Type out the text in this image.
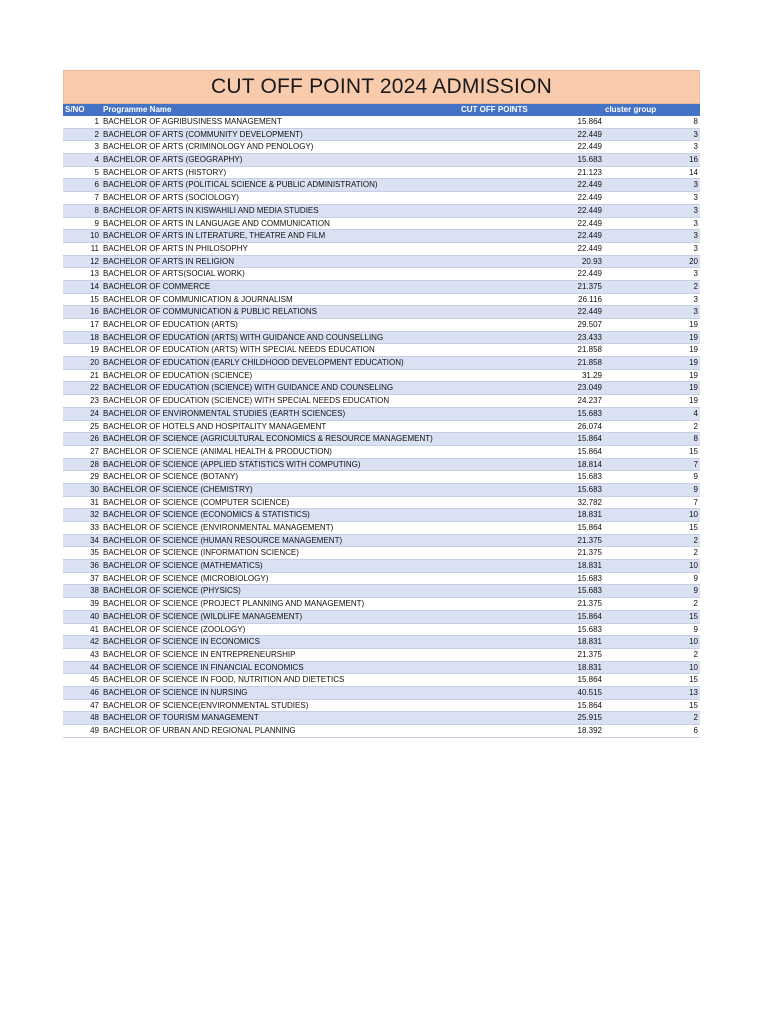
CUT OFF POINT 2024 ADMISSION
S/NO Programme Name	CUT OFF POINTS	cluster group
1 BACHELOR OF AGRIBUSINESS MANAGEMENT	15.864	8
2 BACHELOR OF ARTS (COMMUNITY DEVELOPMENT)	22.449	3
3 BACHELOR OF ARTS (CRIMINOLOGY AND PENOLOGY)	22.449	3
4 BACHELOR OF ARTS (GEOGRAPHY)	15.683	16
5 BACHELOR OF ARTS (HISTORY)	21.123	14
6 BACHELOR OF ARTS (POLITICAL SCIENCE & PUBLIC ADMINISTRATION)	22.449	3
7 BACHELOR OF ARTS (SOCIOLOGY)	22.449	3
8 BACHELOR OF ARTS IN KISWAHILI AND MEDIA STUDIES	22.449	3
9 BACHELOR OF ARTS IN LANGUAGE AND COMMUNICATION	22.449	3
10 BACHELOR OF ARTS IN LITERATURE, THEATRE AND FILM	22.449	3
11 BACHELOR OF ARTS IN PHILOSOPHY	22.449	3
12 BACHELOR OF ARTS IN RELIGION	20.93	20
13 BACHELOR OF ARTS(SOCIAL WORK)	22.449	3
14 BACHELOR OF COMMERCE	21.375	2
15 BACHELOR OF COMMUNICATION & JOURNALISM	26.116	3
16 BACHELOR OF COMMUNICATION & PUBLIC RELATIONS	22.449	3
17 BACHELOR OF EDUCATION (ARTS)	29.507	19
18 BACHELOR OF EDUCATION (ARTS) WITH GUIDANCE AND COUNSELLING	23.433	19
19 BACHELOR OF EDUCATION (ARTS) WITH SPECIAL NEEDS EDUCATION	21.858	19
20 BACHELOR OF EDUCATION (EARLY CHILDHOOD DEVELOPMENT EDUCATION)	21.858	19
21 BACHELOR OF EDUCATION (SCIENCE)	31.29	19
22 BACHELOR OF EDUCATION (SCIENCE) WITH GUIDANCE AND COUNSELING	23.049	19
23 BACHELOR OF EDUCATION (SCIENCE) WITH SPECIAL NEEDS EDUCATION	24.237	19
24 BACHELOR OF ENVIRONMENTAL STUDIES (EARTH SCIENCES)	15.683	4
25 BACHELOR OF HOTELS AND HOSPITALITY MANAGEMENT	26.074	2
26 BACHELOR OF SCIENCE (AGRICULTURAL ECONOMICS & RESOURCE MANAGEMENT)	15.864	8
27 BACHELOR OF SCIENCE (ANIMAL HEALTH & PRODUCTION)	15.864	15
28 BACHELOR OF SCIENCE (APPLIED STATISTICS WITH COMPUTING)	18.814	7
29 BACHELOR OF SCIENCE (BOTANY)	15.683	9
30 BACHELOR OF SCIENCE (CHEMISTRY)	15.683	9
31 BACHELOR OF SCIENCE (COMPUTER SCIENCE)	32.782	7
32 BACHELOR OF SCIENCE (ECONOMICS & STATISTICS)	18.831	10
33 BACHELOR OF SCIENCE (ENVIRONMENTAL MANAGEMENT)	15.864	15
34 BACHELOR OF SCIENCE (HUMAN RESOURCE MANAGEMENT)	21.375	2
35 BACHELOR OF SCIENCE (INFORMATION SCIENCE)	21.375	2
36 BACHELOR OF SCIENCE (MATHEMATICS)	18.831	10
37 BACHELOR OF SCIENCE (MICROBIOLOGY)	15.683	9
38 BACHELOR OF SCIENCE (PHYSICS)	15.683	9
39 BACHELOR OF SCIENCE (PROJECT PLANNING AND MANAGEMENT)	21.375	2
40 BACHELOR OF SCIENCE (WILDLIFE MANAGEMENT)	15.864	15
41 BACHELOR OF SCIENCE (ZOOLOGY)	15.683	9
42 BACHELOR OF SCIENCE IN ECONOMICS	18.831	10
43 BACHELOR OF SCIENCE IN ENTREPRENEURSHIP	21.375	2
44 BACHELOR OF SCIENCE IN FINANCIAL ECONOMICS	18.831	10
45 BACHELOR OF SCIENCE IN FOOD, NUTRITION AND DIETETICS	15.864	15
46 BACHELOR OF SCIENCE IN NURSING	40.515	13
47 BACHELOR OF SCIENCE(ENVIRONMENTAL STUDIES)	15.864	15
48 BACHELOR OF TOURISM MANAGEMENT	25.915	2
49 BACHELOR OF URBAN AND REGIONAL PLANNING	18.392	6
